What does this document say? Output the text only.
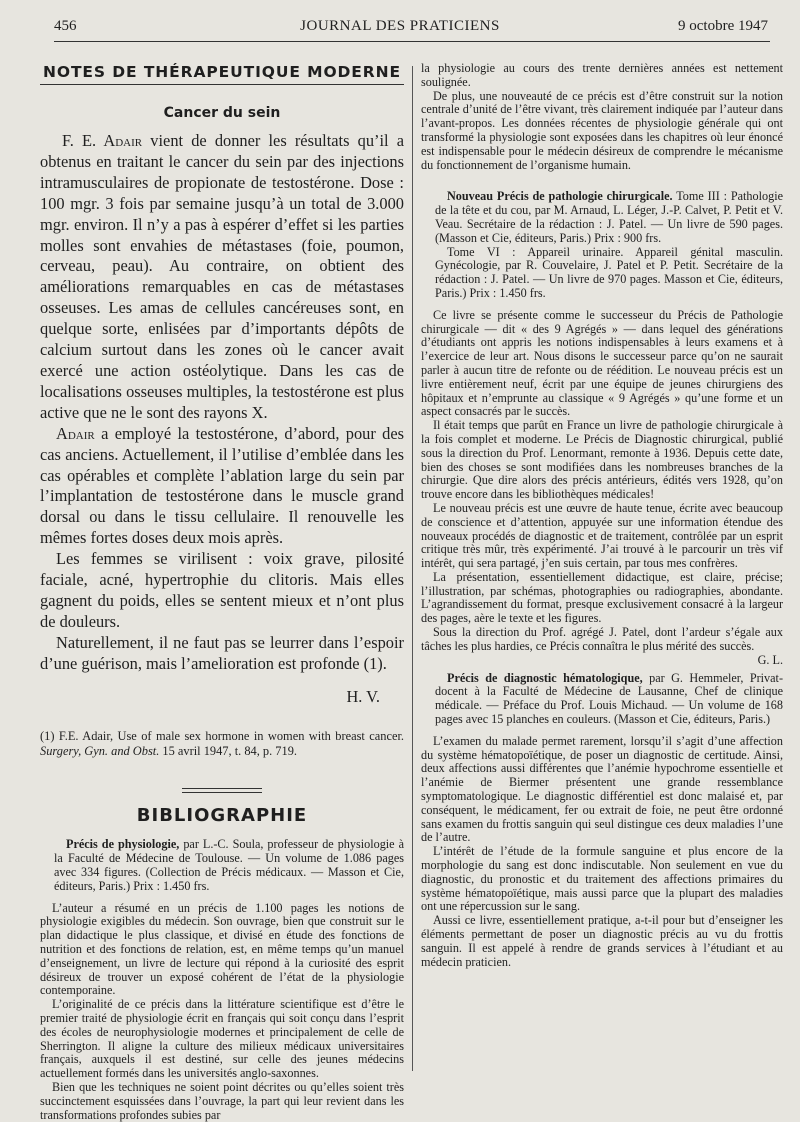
456	JOURNAL DES PRATICIENS	9 octobre 1947
NOTES DE THÉRAPEUTIQUE MODERNE
Cancer du sein

F. E. Adair vient de donner les résultats qu’il a obtenus en traitant le cancer du sein par des injections intramusculaires de propionate de testostérone. Dose : 100 mgr. 3 fois par semaine jusqu’à un total de 3.000 mgr. environ. Il n’y a pas à espérer d’effet si les parties molles sont envahies de métastases (foie, poumon, cerveau, peau). Au contraire, on obtient des améliorations remarquables en cas de métastases osseuses. Les amas de cellules cancéreuses sont, en quelque sorte, enlisées par d’importants dépôts de calcium surtout dans les zones où le cancer avait exercé une action ostéolytique. Dans les cas de localisations osseuses multiples, la testostérone est plus active que ne le sont des rayons X.

Adair a employé la testostérone, d’abord, pour des cas anciens. Actuellement, il l’utilise d’emblée dans les cas opérables et complète l’ablation large du sein par l’implantation de testostérone dans le muscle grand dorsal ou dans le tissu cellulaire. Il renouvelle les mêmes fortes doses deux mois après.

Les femmes se virilisent : voix grave, pilosité faciale, acné, hypertrophie du clitoris. Mais elles gagnent du poids, elles se sentent mieux et n’ont plus de douleurs.

Naturellement, il ne faut pas se leurrer dans l’espoir d’une guérison, mais l’amelioration est profonde (1).

H. V.

(1) F.E. Adair, Use of male sex hormone in women with breast cancer. Surgery, Gyn. and Obst. 15 avril 1947, t. 84, p. 719.
BIBLIOGRAPHIE

Précis de physiologie, par L.-C. Soula, professeur de physiologie à la Faculté de Médecine de Toulouse. — Un volume de 1.086 pages avec 334 figures. (Collection de Précis médicaux. — Masson et Cie, éditeurs, Paris.) Prix : 1.450 frs.

L’auteur a résumé en un précis de 1.100 pages les notions de physiologie exigibles du médecin. Son ouvrage, bien que construit sur le plan didactique le plus classique, et divisé en étude des fonctions de nutrition et des fonctions de relation, est, en même temps qu’un manuel d’enseignement, un livre de lecture qui répond à la curiosité des esprit désireux de trouver un exposé cohérent de l’état de la physiologie contemporaine.

L’originalité de ce précis dans la littérature scientifique est d’être le premier traité de physiologie écrit en français qui soit conçu dans l’esprit des écoles de neurophysiologie modernes et principalement de celle de Sherrington. Il aligne la culture des milieux médicaux universitaires français, auxquels il est destiné, sur celle des jeunes médecins actuellement formés dans les universités anglo-saxonnes.

Bien que les techniques ne soient point décrites ou qu’elles soient très succinctement esquissées dans l’ouvrage, la part qui leur revient dans les transformations profondes subies par

la physiologie au cours des trente dernières années est nettement soulignée.

De plus, une nouveauté de ce précis est d’être construit sur la notion centrale d’unité de l’être vivant, très clairement indiquée par l’auteur dans l’avant-propos. Les données récentes de physiologie générale qui ont transformé la physiologie sont exposées dans les chapitres où leur énoncé est indispensable pour le médecin désireux de comprendre le mécanisme du fonctionnement de l’organisme humain.

Nouveau Précis de pathologie chirurgicale. Tome III : Pathologie de la tête et du cou, par M. Arnaud, L. Léger, J.-P. Calvet, P. Petit et V. Veau. Secrétaire de la rédaction : J. Patel. — Un livre de 590 pages. (Masson et Cie, éditeurs, Paris.) Prix : 900 frs.

Tome VI : Appareil urinaire. Appareil génital masculin. Gynécologie, par R. Couvelaire, J. Patel et P. Petit. Secrétaire de la rédaction : J. Patel. — Un livre de 970 pages. Masson et Cie, éditeurs, Paris.) Prix : 1.450 frs.

Ce livre se présente comme le successeur du Précis de Pathologie chirurgicale — dit « des 9 Agrégés » — dans lequel des générations d’étudiants ont appris les notions indispensables à leurs examens et à l’exercice de leur art. Nous disons le successeur parce qu’on ne saurait parler à aucun titre de refonte ou de réédition. Le nouveau précis est un livre entièrement neuf, écrit par une équipe de jeunes chirurgiens des hôpitaux et n’emprunte au classique « 9 Agrégés » qu’une forme et un aspect consacrés par le succès.

Il était temps que parût en France un livre de pathologie chirurgicale à la fois complet et moderne. Le Précis de Diagnostic chirurgical, publié sous la direction du Prof. Lenormant, remonte à 1936. Depuis cette date, bien des choses se sont modifiées dans les nombreuses branches de la chirurgie. Que dire alors des précis antérieurs, édités vers 1928, qu’on trouve encore dans les bibliothèques médicales!

Le nouveau précis est une œuvre de haute tenue, écrite avec beaucoup de conscience et d’attention, appuyée sur une information étendue des nouveaux procédés de diagnostic et de traitement, contrôlée par un esprit critique très mûr, très expérimenté. J’ai trouvé à le parcourir un très vif intérêt, qui sera partagé, j’en suis certain, par tous mes confrères.

La présentation, essentiellement didactique, est claire, précise; l’illustration, par schémas, photographies ou radiographies, abondante. L’agrandissement du format, presque exclusivement consacré à la largeur des pages, aère le texte et les figures.

Sous la direction du Prof. agrégé J. Patel, dont l’ardeur s’égale aux tâches les plus hardies, ce Précis connaîtra le plus mérité des succès.
G. L.

Précis de diagnostic hématologique, par G. Hemmeler, Privat-docent à la Faculté de Médecine de Lausanne, Chef de clinique médicale. — Préface du Prof. Louis Michaud. — Un volume de 168 pages avec 15 planches en couleurs. (Masson et Cie, éditeurs, Paris.)

L’examen du malade permet rarement, lorsqu’il s’agit d’une affection du système hématopoïétique, de poser un diagnostic de certitude. Ainsi, deux affections aussi différentes que l’anémie hypochrome essentielle et l’anémie de Biermer présentent une grande ressemblance symptomatologique. Le diagnostic différentiel est donc malaisé et, par conséquent, le médicament, fer ou extrait de foie, ne peut être ordonné sans examen du frottis sanguin qui seul distingue ces deux maladies l’une de l’autre.

L’intérêt de l’étude de la formule sanguine et plus encore de la morphologie du sang est donc indiscutable. Non seulement en vue du diagnostic, du pronostic et du traitement des affections primaires du système hématopoïétique, mais aussi parce que la plupart des maladies ont une répercussion sur le sang.

Aussi ce livre, essentiellement pratique, a-t-il pour but d’enseigner les éléments permettant de poser un diagnostic précis au vu du frottis sanguin. Il est appelé à rendre de grands services à l’étudiant et au médecin praticien.
